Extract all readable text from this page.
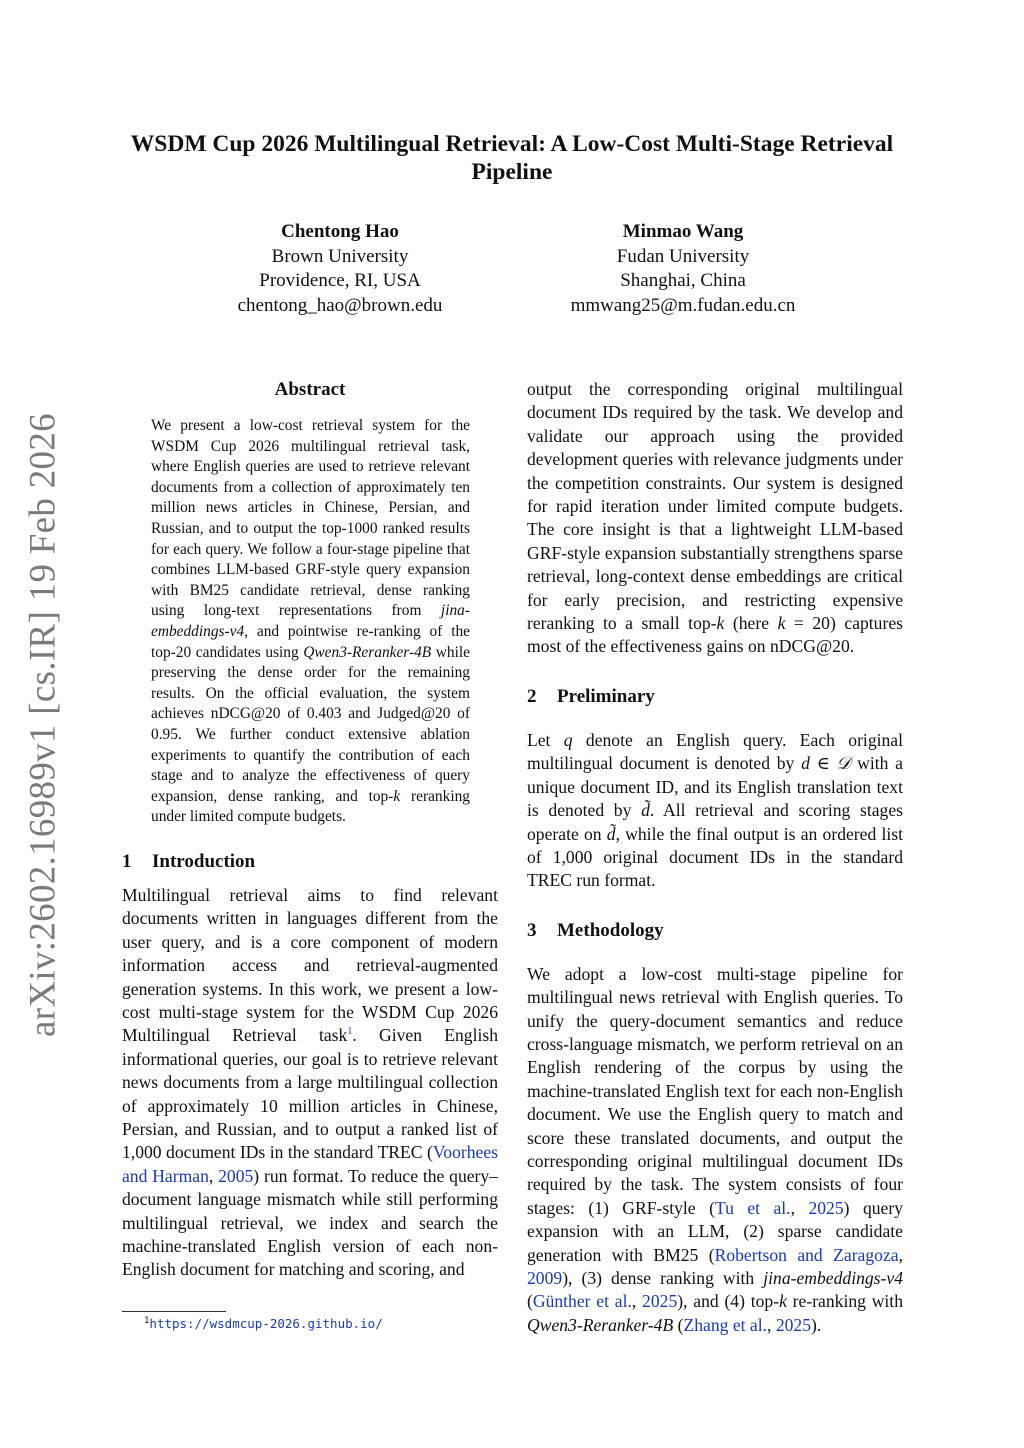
arXiv:2602.16989v1 [cs.IR] 19 Feb 2026
WSDM Cup 2026 Multilingual Retrieval: A Low-Cost Multi-Stage Retrieval Pipeline
Chentong Hao
Brown University
Providence, RI, USA
chentong_hao@brown.edu
Minmao Wang
Fudan University
Shanghai, China
mmwang25@m.fudan.edu.cn
Abstract

We present a low-cost retrieval system for the WSDM Cup 2026 multilingual retrieval task, where English queries are used to retrieve relevant documents from a collection of approximately ten million news articles in Chinese, Persian, and Russian, and to output the top-1000 ranked results for each query. We follow a four-stage pipeline that combines LLM-based GRF-style query expansion with BM25 candidate retrieval, dense ranking using long-text representations from jina-embeddings-v4, and pointwise re-ranking of the top-20 candidates using Qwen3-Reranker-4B while preserving the dense order for the remaining results. On the official evaluation, the system achieves nDCG@20 of 0.403 and Judged@20 of 0.95. We further conduct extensive ablation experiments to quantify the contribution of each stage and to analyze the effectiveness of query expansion, dense ranking, and top-k reranking under limited compute budgets.

1 Introduction

Multilingual retrieval aims to find relevant documents written in languages different from the user query, and is a core component of modern information access and retrieval-augmented generation systems. In this work, we present a low-cost multi-stage system for the WSDM Cup 2026 Multilingual Retrieval task$^1$. Given English informational queries, our goal is to retrieve relevant news documents from a large multilingual collection of approximately 10 million articles in Chinese, Persian, and Russian, and to output a ranked list of 1,000 document IDs in the standard TREC (Voorhees and Harman, 2005) run format. To reduce the query–document language mismatch while still performing multilingual retrieval, we index and search the machine-translated English version of each non-English document for matching and scoring, and

output the corresponding original multilingual document IDs required by the task. We develop and validate our approach using the provided development queries with relevance judgments under the competition constraints. Our system is designed for rapid iteration under limited compute budgets. The core insight is that a lightweight LLM-based GRF-style expansion substantially strengthens sparse retrieval, long-context dense embeddings are critical for early precision, and restricting expensive reranking to a small top-k (here k = 20) captures most of the effectiveness gains on nDCG@20.

2 Preliminary

Let q denote an English query. Each original multilingual document is denoted by d ∈ 𝒟 with a unique document ID, and its English translation text is denoted by d̃. All retrieval and scoring stages operate on d̃, while the final output is an ordered list of 1,000 original document IDs in the standard TREC run format.

3 Methodology

We adopt a low-cost multi-stage pipeline for multilingual news retrieval with English queries. To unify the query-document semantics and reduce cross-language mismatch, we perform retrieval on an English rendering of the corpus by using the machine-translated English text for each non-English document. We use the English query to match and score these translated documents, and output the corresponding original multilingual document IDs required by the task. The system consists of four stages: (1) GRF-style (Tu et al., 2025) query expansion with an LLM, (2) sparse candidate generation with BM25 (Robertson and Zaragoza, 2009), (3) dense ranking with jina-embeddings-v4 (Günther et al., 2025), and (4) top-k re-ranking with Qwen3-Reranker-4B (Zhang et al., 2025).

$^1$https://wsdmcup-2026.github.io/
